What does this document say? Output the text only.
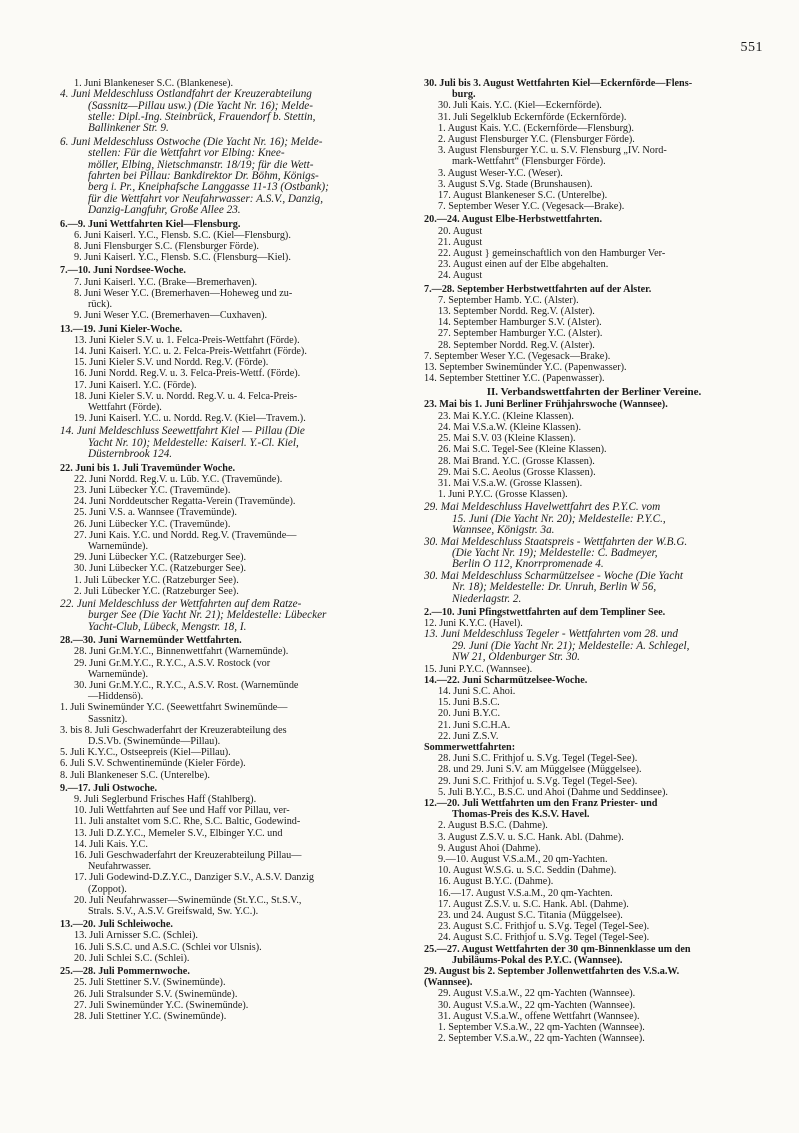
551
1. Juni Blankeneser S.C. (Blankenese).
4. Juni Meldeschluss Ostlandfahrt der Kreuzerabteilung
(Sassnitz—Pillau usw.) (Die Yacht Nr. 16); Melde-
stelle: Dipl.-Ing. Steinbrück, Frauendorf b. Stettin,
Ballinkener Str. 9.
6. Juni Meldeschluss Ostwoche (Die Yacht Nr. 16); Melde-
stellen: Für die Wettfahrt vor Elbing: Knee-
möller, Elbing, Nietschmanstr. 18/19; für die Wett-
fahrten bei Pillau: Bankdirektor Dr. Böhm, Königs-
berg i. Pr., Kneiphafsche Langgasse 11-13 (Ostbank);
für die Wettfahrt vor Neufahrwasser: A.S.V., Danzig,
Danzig-Langfuhr, Große Allee 23.
6.—9. Juni Wettfahrten Kiel—Flensburg.
6. Juni Kaiserl. Y.C., Flensb. S.C. (Kiel—Flensburg).
8. Juni Flensburger S.C. (Flensburger Förde).
9. Juni Kaiserl. Y.C., Flensb. S.C. (Flensburg—Kiel).
7.—10. Juni Nordsee-Woche.
7. Juni Kaiserl. Y.C. (Brake—Bremerhaven).
8. Juni Weser Y.C. (Bremerhaven—Hoheweg und zu-
rück).
9. Juni Weser Y.C. (Bremerhaven—Cuxhaven).
13.—19. Juni Kieler-Woche.
13. Juni Kieler S.V. u. 1. Felca-Preis-Wettfahrt (Förde).
14. Juni Kaiserl. Y.C. u. 2. Felca-Preis-Wettfahrt (Förde).
15. Juni Kieler S.V. und Nordd. Reg.V. (Förde).
16. Juni Nordd. Reg.V. u. 3. Felca-Preis-Wettf. (Förde).
17. Juni Kaiserl. Y.C. (Förde).
18. Juni Kieler S.V. u. Nordd. Reg.V. u. 4. Felca-Preis-
Wettfahrt (Förde).
19. Juni Kaiserl. Y.C. u. Nordd. Reg.V. (Kiel—Travem.).
14. Juni Meldeschluss Seewettfahrt Kiel — Pillau (Die
Yacht Nr. 10); Meldestelle: Kaiserl. Y.-Cl. Kiel,
Düsternbrook 124.
22. Juni bis 1. Juli Travemünder Woche.
22. Juni Nordd. Reg.V. u. Lüb. Y.C. (Travemünde).
23. Juni Lübecker Y.C. (Travemünde).
24. Juni Norddeutscher Regatta-Verein (Travemünde).
25. Juni V.S. a. Wannsee (Travemünde).
26. Juni Lübecker Y.C. (Travemünde).
27. Juni Kais. Y.C. und Nordd. Reg.V. (Travemünde—
Warnemünde).
29. Juni Lübecker Y.C. (Ratzeburger See).
30. Juni Lübecker Y.C. (Ratzeburger See).
1. Juli Lübecker Y.C. (Ratzeburger See).
2. Juli Lübecker Y.C. (Ratzeburger See).
22. Juni Meldeschluss der Wettfahrten auf dem Ratze-
burger See (Die Yacht Nr. 21); Meldestelle: Lübecker
Yacht-Club, Lübeck, Mengstr. 18, I.
28.—30. Juni Warnemünder Wettfahrten.
28. Juni Gr.M.Y.C., Binnenwettfahrt (Warnemünde).
29. Juni Gr.M.Y.C., R.Y.C., A.S.V. Rostock (vor
Warnemünde).
30. Juni Gr.M.Y.C., R.Y.C., A.S.V. Rost. (Warnemünde
—Hiddensö).
1. Juli Swinemünder Y.C. (Seewettfahrt Swinemünde—
Sassnitz).
3. bis 8. Juli Geschwaderfahrt der Kreuzerabteilung des
D.S.Vb. (Swinemünde—Pillau).
5. Juli K.Y.C., Ostseepreis (Kiel—Pillau).
6. Juli S.V. Schwentinemünde (Kieler Förde).
8. Juli Blankeneser S.C. (Unterelbe).
9.—17. Juli Ostwoche.
9. Juli Seglerbund Frisches Haff (Stahlberg).
10. Juli Wettfahrten auf See und Haff vor Pillau, ver-
11. Juli anstaltet vom S.C. Rhe, S.C. Baltic, Godewind-
13. Juli D.Z.Y.C., Memeler S.V., Elbinger Y.C. und
14. Juli Kais. Y.C.
16. Juli Geschwaderfahrt der Kreuzerabteilung Pillau—
Neufahrwasser.
17. Juli Godewind-D.Z.Y.C., Danziger S.V., A.S.V. Danzig
(Zoppot).
20. Juli Neufahrwasser—Swinemünde (St.Y.C., St.S.V.,
Strals. S.V., A.S.V. Greifswald, Sw. Y.C.).
13.—20. Juli Schleiwoche.
13. Juli Arnisser S.C. (Schlei).
16. Juli S.S.C. und A.S.C. (Schlei vor Ulsnis).
20. Juli Schlei S.C. (Schlei).
25.—28. Juli Pommernwoche.
25. Juli Stettiner S.V. (Swinemünde).
26. Juli Stralsunder S.V. (Swinemünde).
27. Juli Swinemünder Y.C. (Swinemünde).
28. Juli Stettiner Y.C. (Swinemünde).
30. Juli bis 3. August Wettfahrten Kiel—Eckernförde—Flens-
burg.
30. Juli Kais. Y.C. (Kiel—Eckernförde).
31. Juli Segelklub Eckernförde (Eckernförde).
1. August Kais. Y.C. (Eckernförde—Flensburg).
2. August Flensburger Y.C. (Flensburger Förde).
3. August Flensburger Y.C. u. S.V. Flensburg „IV. Nord-
mark-Wettfahrt“ (Flensburger Förde).
3. August Weser-Y.C. (Weser).
3. August S.Vg. Stade (Brunshausen).
17. August Blankeneser S.C. (Unterelbe).
7. September Weser Y.C. (Vegesack—Brake).
20.—24. August Elbe-Herbstwettfahrten.
20. August
21. August
22. August } gemeinschaftlich von den Hamburger Ver-
23. August einen auf der Elbe abgehalten.
24. August
7.—28. September Herbstwettfahrten auf der Alster.
7. September Hamb. Y.C. (Alster).
13. September Nordd. Reg.V. (Alster).
14. September Hamburger S.V. (Alster).
27. September Hamburger Y.C. (Alster).
28. September Nordd. Reg.V. (Alster).
7. September Weser Y.C. (Vegesack—Brake).
13. September Swinemünder Y.C. (Papenwasser).
14. September Stettiner Y.C. (Papenwasser).
II. Verbandswettfahrten der Berliner Vereine.
23. Mai bis 1. Juni Berliner Frühjahrswoche (Wannsee).
23. Mai K.Y.C. (Kleine Klassen).
24. Mai V.S.a.W. (Kleine Klassen).
25. Mai S.V. 03 (Kleine Klassen).
26. Mai S.C. Tegel-See (Kleine Klassen).
28. Mai Brand. Y.C. (Grosse Klassen).
29. Mai S.C. Aeolus (Grosse Klassen).
31. Mai V.S.a.W. (Grosse Klassen).
1. Juni P.Y.C. (Grosse Klassen).
29. Mai Meldeschluss Havelwettfahrt des P.Y.C. vom
15. Juni (Die Yacht Nr. 20); Meldestelle: P.Y.C.,
Wannsee, Königstr. 3a.
30. Mai Meldeschluss Staatspreis - Wettfahrten der W.B.G.
(Die Yacht Nr. 19); Meldestelle: C. Badmeyer,
Berlin O 112, Knorrpromenade 4.
30. Mai Meldeschluss Scharmützelsee - Woche (Die Yacht
Nr. 18); Meldestelle: Dr. Unruh, Berlin W 56,
Niederlagstr. 2.
2.—10. Juni Pfingstwettfahrten auf dem Templiner See.
12. Juni K.Y.C. (Havel).
13. Juni Meldeschluss Tegeler - Wettfahrten vom 28. und
29. Juni (Die Yacht Nr. 21); Meldestelle: A. Schlegel,
NW 21, Oldenburger Str. 30.
15. Juni P.Y.C. (Wannsee).
14.—22. Juni Scharmützelsee-Woche.
14. Juni S.C. Ahoi.
15. Juni B.S.C.
20. Juni B.Y.C.
21. Juni S.C.H.A.
22. Juni Z.S.V.
Sommerwettfahrten:
28. Juni S.C. Frithjof u. S.Vg. Tegel (Tegel-See).
28. und 29. Juni S.V. am Müggelsee (Müggelsee).
29. Juni S.C. Frithjof u. S.Vg. Tegel (Tegel-See).
5. Juli B.Y.C., B.S.C. und Ahoi (Dahme und Seddinsee).
12.—20. Juli Wettfahrten um den Franz Priester- und
Thomas-Preis des K.S.V. Havel.
2. August B.S.C. (Dahme).
3. August Z.S.V. u. S.C. Hank. Abl. (Dahme).
9. August Ahoi (Dahme).
9.—10. August V.S.a.M., 20 qm-Yachten.
10. August W.S.G. u. S.C. Seddin (Dahme).
16. August B.Y.C. (Dahme).
16.—17. August V.S.a.M., 20 qm-Yachten.
17. August Z.S.V. u. S.C. Hank. Abl. (Dahme).
23. und 24. August S.C. Titania (Müggelsee).
23. August S.C. Frithjof u. S.Vg. Tegel (Tegel-See).
24. August S.C. Frithjof u. S.Vg. Tegel (Tegel-See).
25.—27. August Wettfahrten der 30 qm-Binnenklasse um den
Jubiläums-Pokal des P.Y.C. (Wannsee).
29. August bis 2. September Jollenwettfahrten des V.S.a.W.
(Wannsee).
29. August V.S.a.W., 22 qm-Yachten (Wannsee).
30. August V.S.a.W., 22 qm-Yachten (Wannsee).
31. August V.S.a.W., offene Wettfahrt (Wannsee).
1. September V.S.a.W., 22 qm-Yachten (Wannsee).
2. September V.S.a.W., 22 qm-Yachten (Wannsee).
